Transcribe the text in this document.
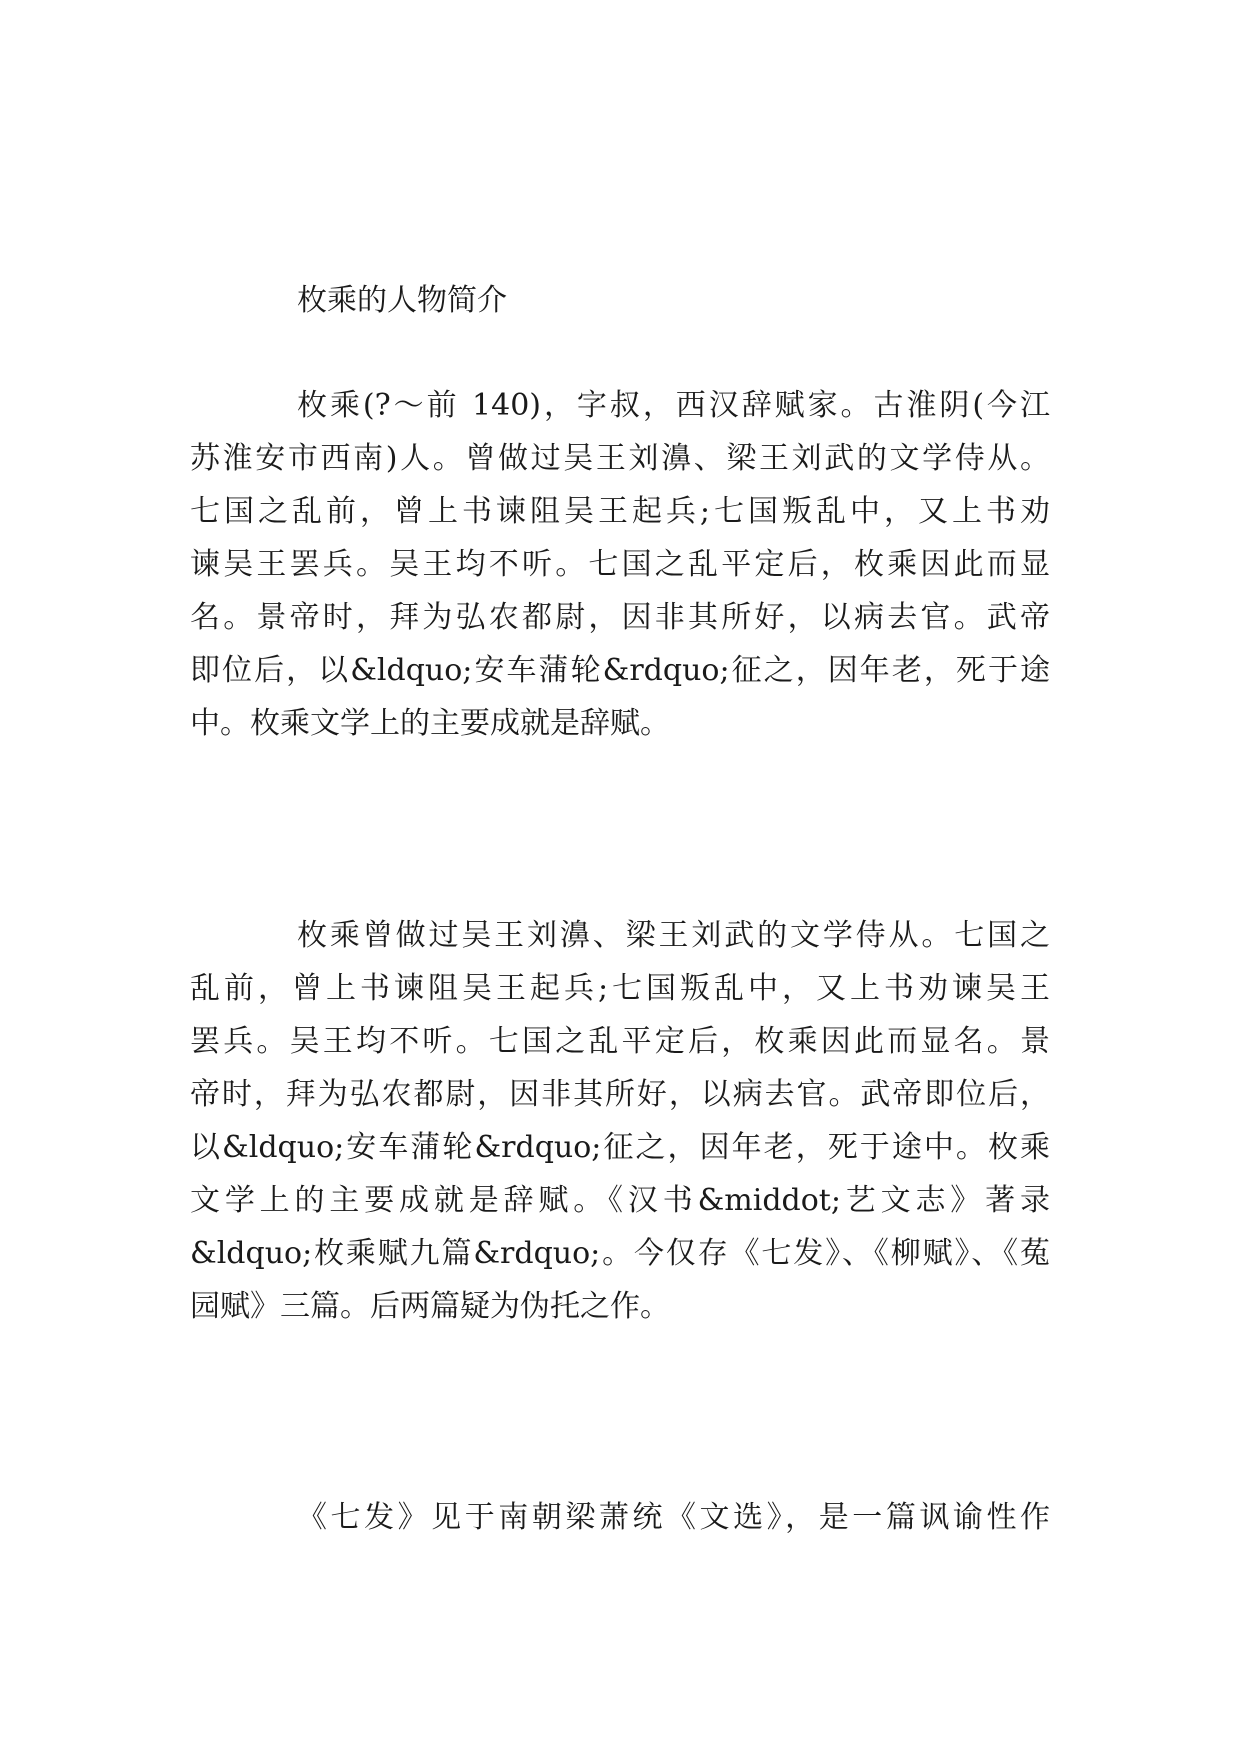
枚乘的人物简介
枚乘(?～前 140)，字叔，西汉辞赋家。古淮阴(今江
苏淮安市西南)人。曾做过吴王刘濞、梁王刘武的文学侍从。
七国之乱前，曾上书谏阻吴王起兵;七国叛乱中，又上书劝
谏吴王罢兵。吴王均不听。七国之乱平定后，枚乘因此而显
名。景帝时，拜为弘农都尉，因非其所好，以病去官。武帝
即位后，以&ldquo;安车蒲轮&rdquo;征之，因年老，死于途
中。枚乘文学上的主要成就是辞赋。
枚乘曾做过吴王刘濞、梁王刘武的文学侍从。七国之
乱前，曾上书谏阻吴王起兵;七国叛乱中，又上书劝谏吴王
罢兵。吴王均不听。七国之乱平定后，枚乘因此而显名。景
帝时，拜为弘农都尉，因非其所好，以病去官。武帝即位后，
以&ldquo;安车蒲轮&rdquo;征之，因年老，死于途中。枚乘
文学上的主要成就是辞赋。《汉书&middot;艺文志》著录
&ldquo;枚乘赋九篇&rdquo;。今仅存《七发》、《柳赋》、《菟
园赋》三篇。后两篇疑为伪托之作。
《七发》见于南朝梁萧统《文选》，是一篇讽谕性作
